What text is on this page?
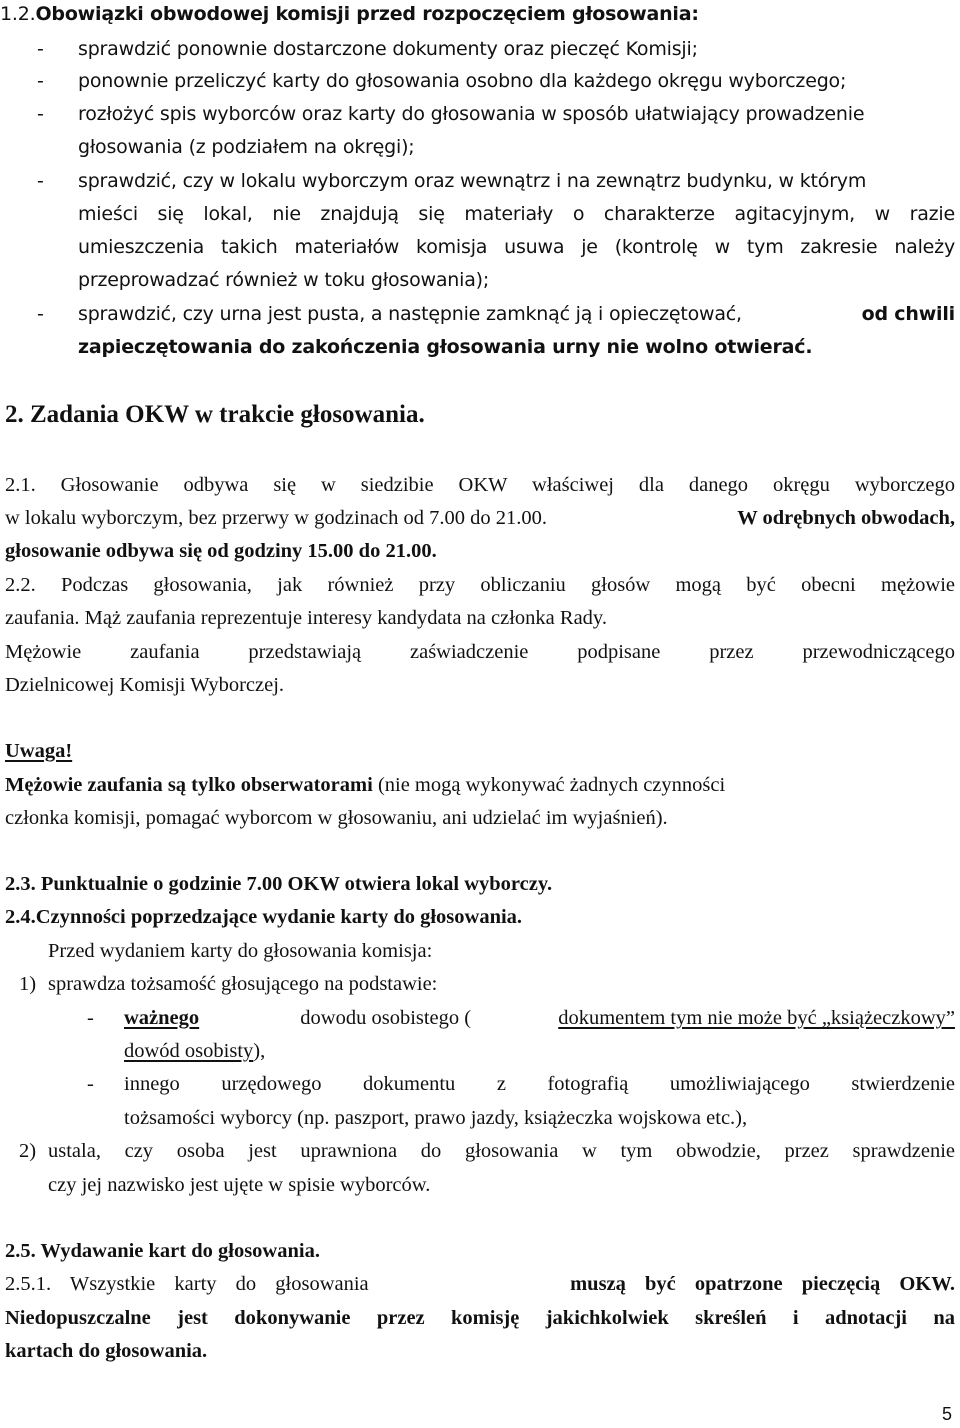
1.2.Obowiązki obwodowej komisji przed rozpoczęciem głosowania:
- sprawdzić ponownie dostarczone dokumenty oraz pieczęć Komisji;
- ponownie przeliczyć karty do głosowania osobno dla każdego okręgu wyborczego;
- rozłożyć spis wyborców oraz karty do głosowania w sposób ułatwiający prowadzenie
głosowania (z podziałem na okręgi);
- sprawdzić, czy w lokalu wyborczym oraz wewnątrz i na zewnątrz budynku, w którym
mieści się lokal, nie znajdują się materiały o charakterze agitacyjnym, w razie
umieszczenia takich materiałów komisja usuwa je (kontrolę w tym zakresie należy
przeprowadzać również w toku głosowania);
- sprawdzić, czy urna jest pusta, a następnie zamknąć ją i opieczętować,	od chwili
zapieczętowania do zakończenia głosowania urny nie wolno otwierać.
2. Zadania OKW w trakcie głosowania.
2.1. Głosowanie odbywa się w siedzibie OKW właściwej dla danego okręgu wyborczego
w lokalu wyborczym, bez przerwy w godzinach od 7.00 do 21.00.	W odrębnych obwodach,
głosowanie odbywa się od godziny 15.00 do 21.00.
2.2. Podczas głosowania, jak również przy obliczaniu głosów mogą być obecni mężowie
zaufania. Mąż zaufania reprezentuje interesy kandydata na członka Rady.
Mężowie zaufania przedstawiają zaświadczenie podpisane przez przewodniczącego
Dzielnicowej Komisji Wyborczej.
Uwaga!
Mężowie zaufania są tylko obserwatorami (nie mogą wykonywać żadnych czynności
członka komisji, pomagać wyborcom w głosowaniu, ani udzielać im wyjaśnień).
2.3. Punktualnie o godzinie 7.00 OKW otwiera lokal wyborczy.
2.4.Czynności poprzedzające wydanie karty do głosowania.
Przed wydaniem karty do głosowania komisja:
1) sprawdza tożsamość głosującego na podstawie:
- ważnego	dowodu osobistego (	dokumentem tym nie może być „książeczkowy”
dowód osobisty),
- innego urzędowego dokumentu z fotografią umożliwiającego stwierdzenie
tożsamości wyborcy (np. paszport, prawo jazdy, książeczka wojskowa etc.),
2) ustala, czy osoba jest uprawniona do głosowania w tym obwodzie, przez sprawdzenie
czy jej nazwisko jest ujęte w spisie wyborców.
2.5. Wydawanie kart do głosowania.
2.5.1. Wszystkie karty do głosowania	muszą być opatrzone pieczęcią OKW.
Niedopuszczalne jest dokonywanie przez komisję jakichkolwiek skreśleń i adnotacji na
kartach do głosowania.
5
